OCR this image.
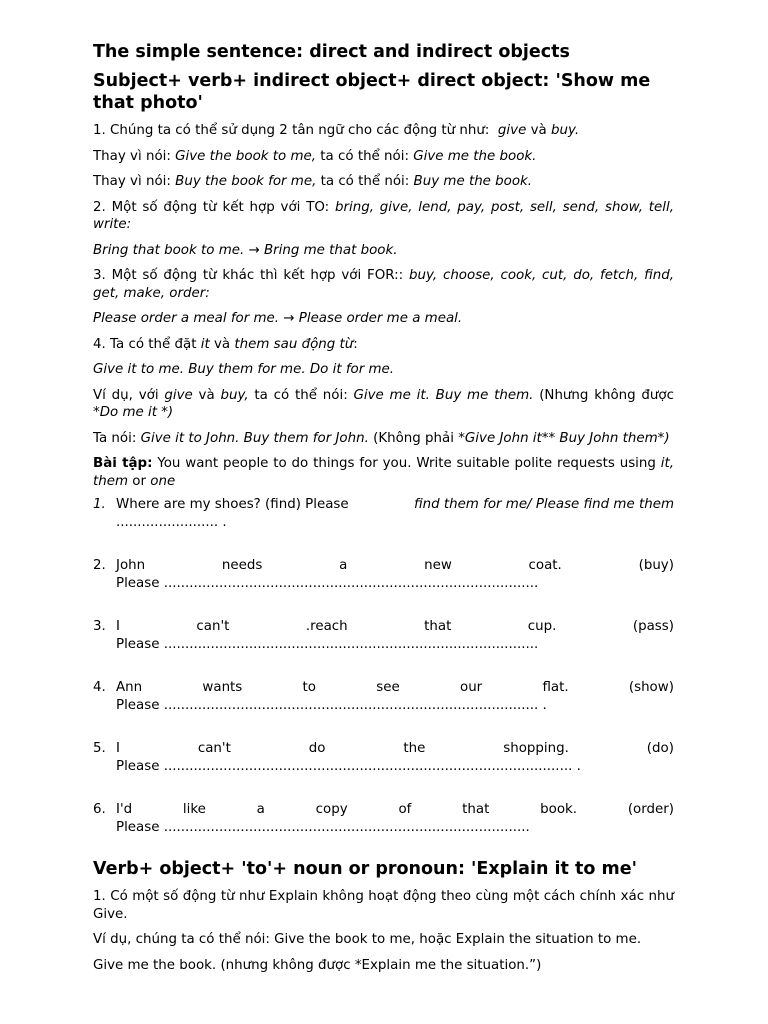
The simple sentence: direct and indirect objects
Subject+ verb+ indirect object+ direct object: 'Show me that photo'

1. Chúng ta có thể sử dụng 2 tân ngữ cho các động từ như: give và buy.

Thay vì nói: Give the book to me, ta có thể nói: Give me the book.

Thay vì nói: Buy the book for me, ta có thể nói: Buy me the book.

2. Một số động từ kết hợp với TO: bring, give, lend, pay, post, sell, send, show, tell, write:

Bring that book to me. → Bring me that book.

3. Một số động từ khác thì kết hợp với FOR:: buy, choose, cook, cut, do, fetch, find, get, make, order:

Please order a meal for me. → Please order me a meal.

4. Ta có thể đặt it và them sau động từ:

Give it to me. Buy them for me. Do it for me.

Ví dụ, với give và buy, ta có thể nói: Give me it. Buy me them. (Nhưng không được *Do me it *)

Ta nói: Give it to John. Buy them for John. (Không phải *Give John it** Buy John them*)

Bài tập: You want people to do things for you. Write suitable polite requests using it, them or one

1. Where are my shoes? (find) Please	find them for me/ Please find me them
........................ .
2. John	needs	a	new	coat.	(buy)
Please ........................................................................................
3. I	can't	.reach	that	cup.	(pass)
Please ........................................................................................
4. Ann	wants	to	see	our	flat.	(show)
Please ........................................................................................ .
5. I	can't	do	the	shopping.	(do)
Please ................................................................................................ .
6. I'd	like	a	copy	of	that	book.	(order)
Please ......................................................................................
Verb+ object+ 'to'+ noun or pronoun: 'Explain it to me'

1. Có một số động từ như Explain không hoạt động theo cùng một cách chính xác như Give.

Ví dụ, chúng ta có thể nói: Give the book to me, hoặc Explain the situation to me.

Give me the book. (nhưng không được *Explain me the situation.”)
